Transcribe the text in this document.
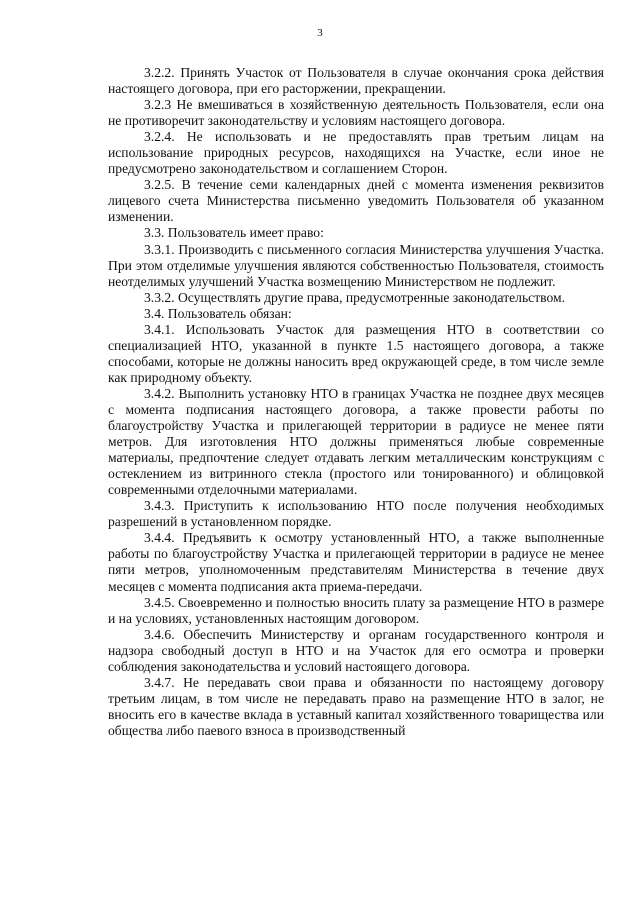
3

3.2.2. Принять Участок от Пользователя в случае окончания срока действия настоящего договора, при его расторжении, прекращении.

3.2.3 Не вмешиваться в хозяйственную деятельность Пользователя, если она не противоречит законодательству и условиям настоящего договора.

3.2.4. Не использовать и не предоставлять прав третьим лицам на использование природных ресурсов, находящихся на Участке, если иное не предусмотрено законодательством и соглашением Сторон.

3.2.5. В течение семи календарных дней с момента изменения реквизитов лицевого счета Министерства письменно уведомить Пользователя об указанном изменении.

3.3. Пользователь имеет право:

3.3.1. Производить с письменного согласия Министерства улучшения Участка. При этом отделимые улучшения являются собственностью Пользователя, стоимость неотделимых улучшений Участка возмещению Министерством не подлежит.

3.3.2. Осуществлять другие права, предусмотренные законодательством.

3.4. Пользователь обязан:

3.4.1. Использовать Участок для размещения НТО в соответствии со специализацией НТО, указанной в пункте 1.5 настоящего договора, а также способами, которые не должны наносить вред окружающей среде, в том числе земле как природному объекту.

3.4.2. Выполнить установку НТО в границах Участка не позднее двух месяцев с момента подписания настоящего договора, а также провести работы по благоустройству Участка и прилегающей территории в радиусе не менее пяти метров. Для изготовления НТО должны применяться любые современные материалы, предпочтение следует отдавать легким металлическим конструкциям с остеклением из витринного стекла (простого или тонированного) и облицовкой современными отделочными материалами.

3.4.3. Приступить к использованию НТО после получения необходимых разрешений в установленном порядке.

3.4.4. Предъявить к осмотру установленный НТО, а также выполненные работы по благоустройству Участка и прилегающей территории в радиусе не менее пяти метров, уполномоченным представителям Министерства в течение двух месяцев с момента подписания акта приема-передачи.

3.4.5. Своевременно и полностью вносить плату за размещение НТО в размере и на условиях, установленных настоящим договором.

3.4.6. Обеспечить Министерству и органам государственного контроля и надзора свободный доступ в НТО и на Участок для его осмотра и проверки соблюдения законодательства и условий настоящего договора.

3.4.7. Не передавать свои права и обязанности по настоящему договору третьим лицам, в том числе не передавать право на размещение НТО в залог, не вносить его в качестве вклада в уставный капитал хозяйственного товарищества или общества либо паевого взноса в производственный
